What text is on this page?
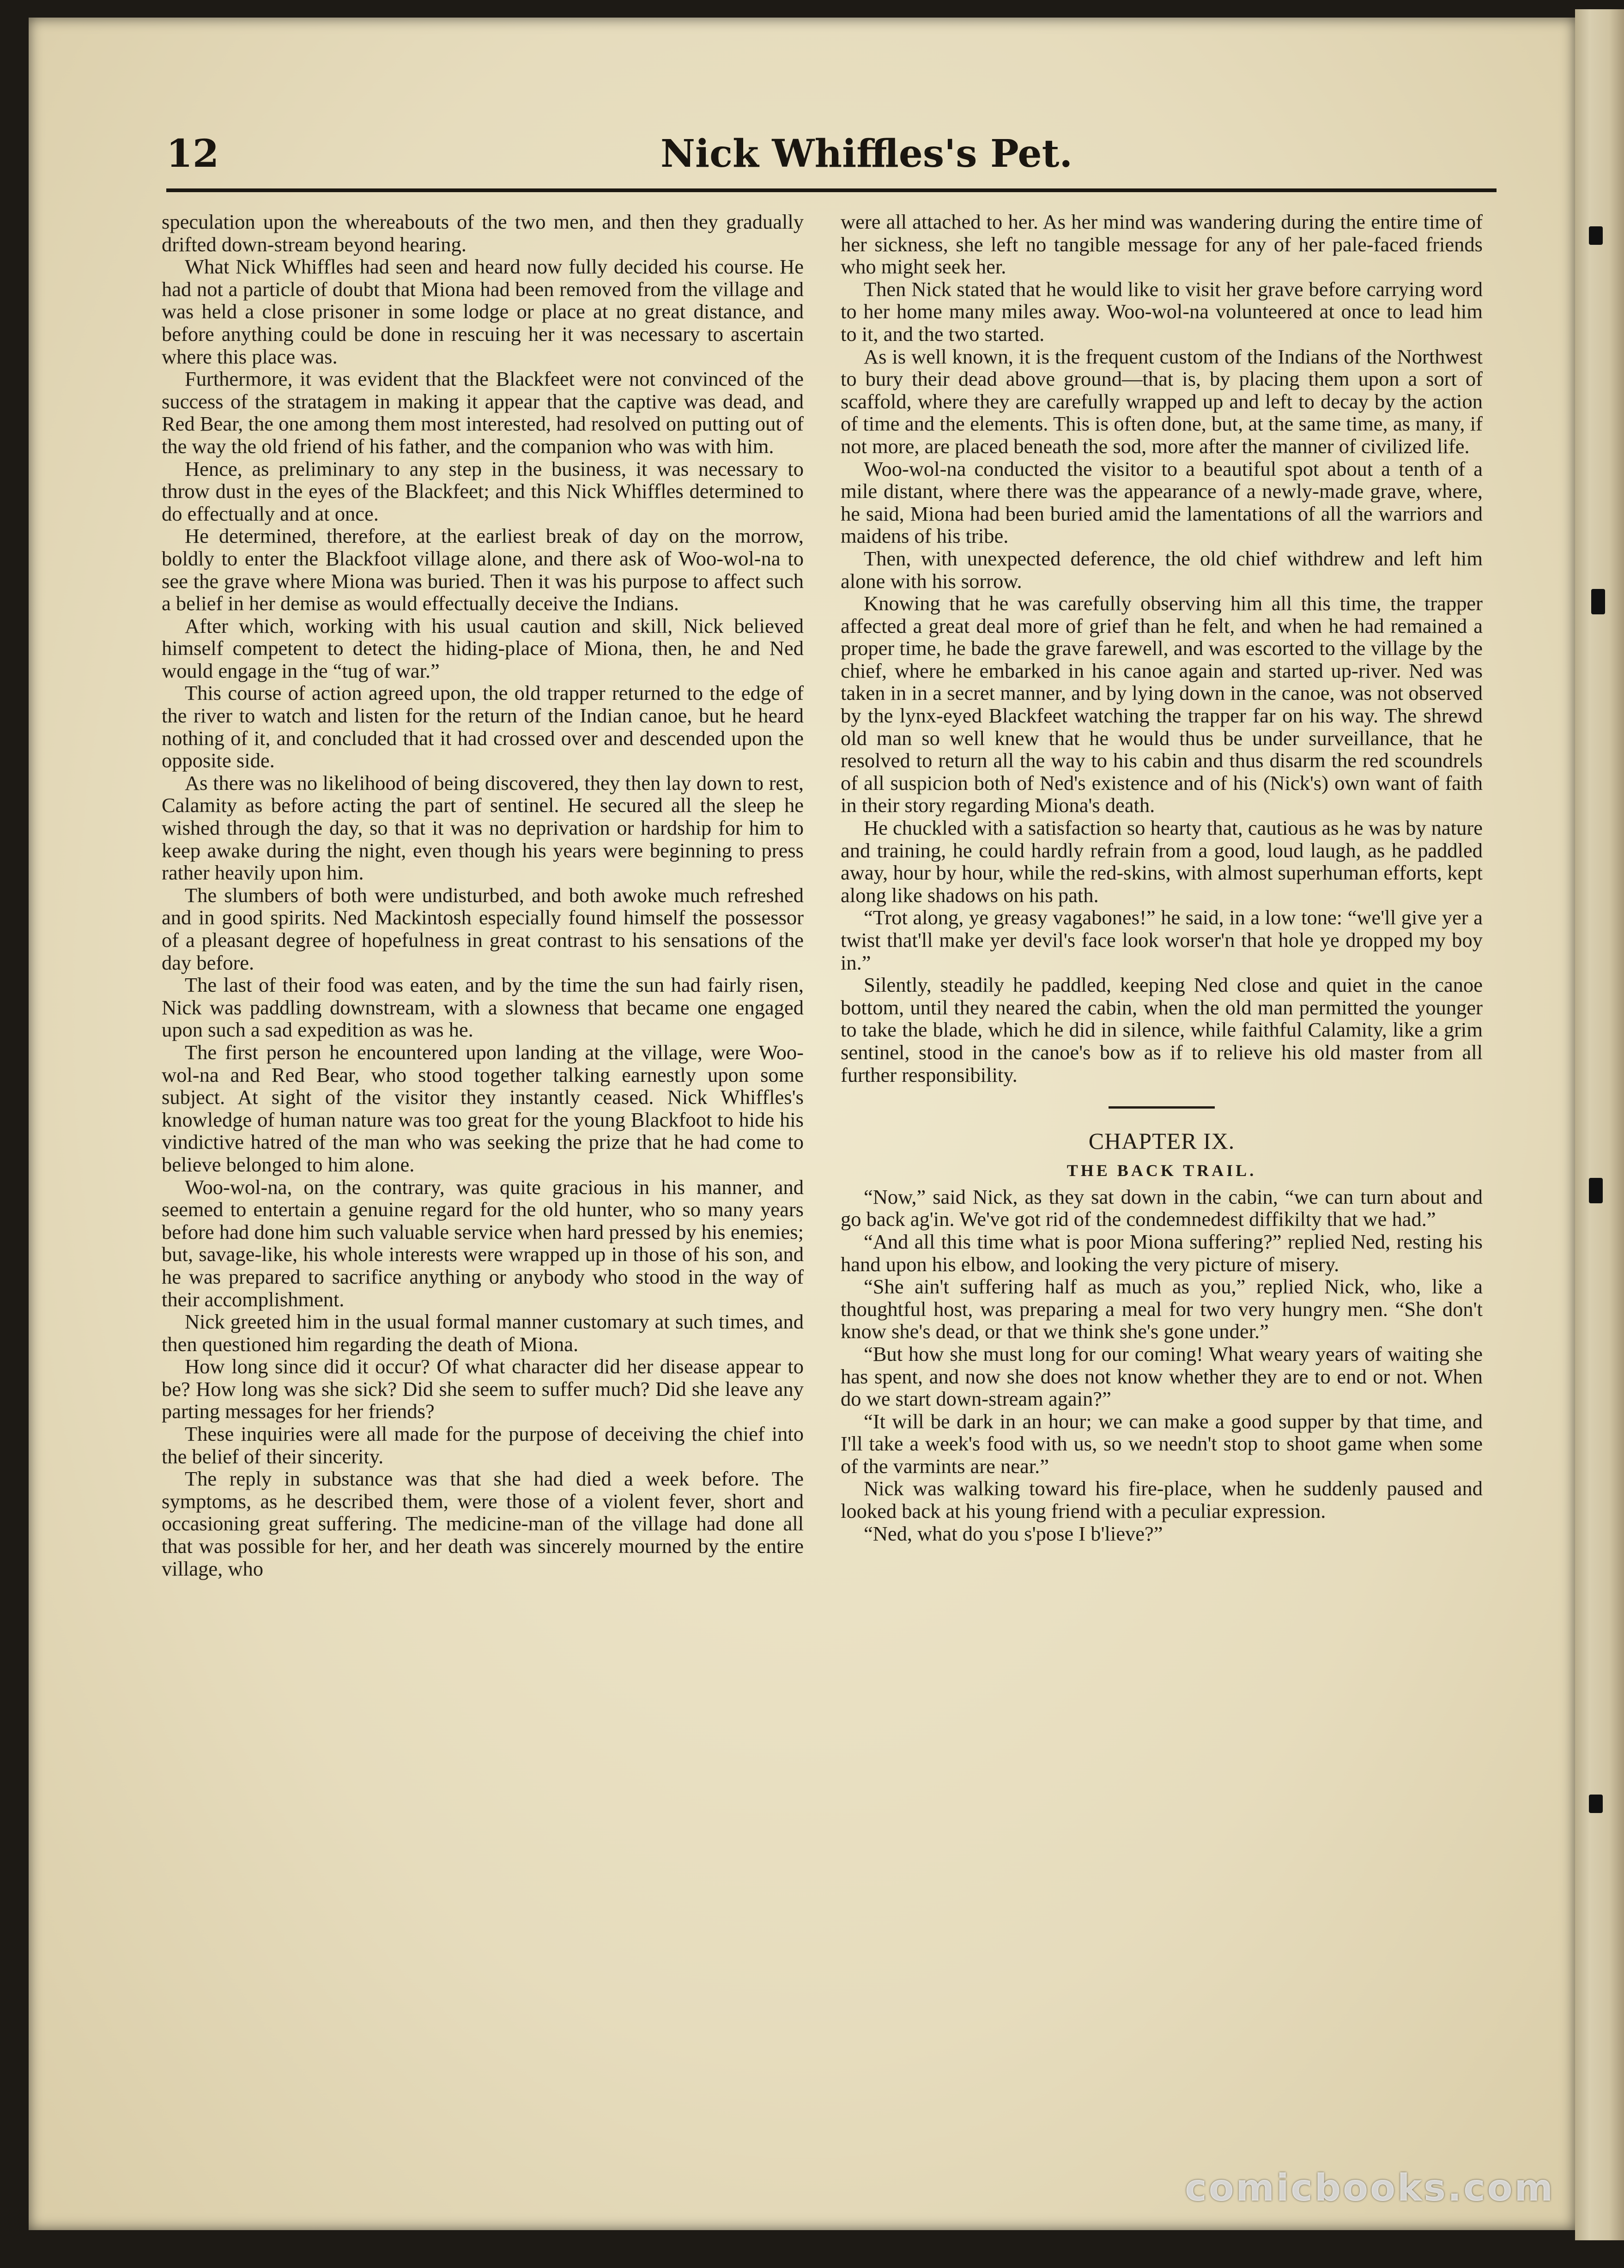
12	Nick Whiffles's Pet.

speculation upon the whereabouts of the two men, and then they gradually drifted down-stream beyond hearing.

What Nick Whiffles had seen and heard now fully decided his course. He had not a particle of doubt that Miona had been removed from the village and was held a close prisoner in some lodge or place at no great distance, and before anything could be done in rescuing her it was necessary to ascertain where this place was.

Furthermore, it was evident that the Blackfeet were not convinced of the success of the stratagem in making it appear that the captive was dead, and Red Bear, the one among them most interested, had resolved on putting out of the way the old friend of his father, and the companion who was with him.

Hence, as preliminary to any step in the business, it was necessary to throw dust in the eyes of the Blackfeet; and this Nick Whiffles determined to do effectually and at once.

He determined, therefore, at the earliest break of day on the morrow, boldly to enter the Blackfoot village alone, and there ask of Woo-wol-na to see the grave where Miona was buried. Then it was his purpose to affect such a belief in her demise as would effectually deceive the Indians.

After which, working with his usual caution and skill, Nick believed himself competent to detect the hiding-place of Miona, then, he and Ned would engage in the “tug of war.”

This course of action agreed upon, the old trapper returned to the edge of the river to watch and listen for the return of the Indian canoe, but he heard nothing of it, and concluded that it had crossed over and descended upon the opposite side.

As there was no likelihood of being discovered, they then lay down to rest, Calamity as before acting the part of sentinel. He secured all the sleep he wished through the day, so that it was no deprivation or hardship for him to keep awake during the night, even though his years were beginning to press rather heavily upon him.

The slumbers of both were undisturbed, and both awoke much refreshed and in good spirits. Ned Mackintosh especially found himself the possessor of a pleasant degree of hopefulness in great contrast to his sensations of the day before.

The last of their food was eaten, and by the time the sun had fairly risen, Nick was paddling downstream, with a slowness that became one engaged upon such a sad expedition as was he.

The first person he encountered upon landing at the village, were Woo-wol-na and Red Bear, who stood together talking earnestly upon some subject. At sight of the visitor they instantly ceased. Nick Whiffles's knowledge of human nature was too great for the young Blackfoot to hide his vindictive hatred of the man who was seeking the prize that he had come to believe belonged to him alone.

Woo-wol-na, on the contrary, was quite gracious in his manner, and seemed to entertain a genuine regard for the old hunter, who so many years before had done him such valuable service when hard pressed by his enemies; but, savage-like, his whole interests were wrapped up in those of his son, and he was prepared to sacrifice anything or anybody who stood in the way of their accomplishment.

Nick greeted him in the usual formal manner customary at such times, and then questioned him regarding the death of Miona.

How long since did it occur? Of what character did her disease appear to be? How long was she sick? Did she seem to suffer much? Did she leave any parting messages for her friends?

These inquiries were all made for the purpose of deceiving the chief into the belief of their sincerity.

The reply in substance was that she had died a week before. The symptoms, as he described them, were those of a violent fever, short and occasioning great suffering. The medicine-man of the village had done all that was possible for her, and her death was sincerely mourned by the entire village, who

were all attached to her. As her mind was wandering during the entire time of her sickness, she left no tangible message for any of her pale-faced friends who might seek her.

Then Nick stated that he would like to visit her grave before carrying word to her home many miles away. Woo-wol-na volunteered at once to lead him to it, and the two started.

As is well known, it is the frequent custom of the Indians of the Northwest to bury their dead above ground—that is, by placing them upon a sort of scaffold, where they are carefully wrapped up and left to decay by the action of time and the elements. This is often done, but, at the same time, as many, if not more, are placed beneath the sod, more after the manner of civilized life.

Woo-wol-na conducted the visitor to a beautiful spot about a tenth of a mile distant, where there was the appearance of a newly-made grave, where, he said, Miona had been buried amid the lamentations of all the warriors and maidens of his tribe.

Then, with unexpected deference, the old chief withdrew and left him alone with his sorrow.

Knowing that he was carefully observing him all this time, the trapper affected a great deal more of grief than he felt, and when he had remained a proper time, he bade the grave farewell, and was escorted to the village by the chief, where he embarked in his canoe again and started up-river. Ned was taken in in a secret manner, and by lying down in the canoe, was not observed by the lynx-eyed Blackfeet watching the trapper far on his way. The shrewd old man so well knew that he would thus be under surveillance, that he resolved to return all the way to his cabin and thus disarm the red scoundrels of all suspicion both of Ned's existence and of his (Nick's) own want of faith in their story regarding Miona's death.

He chuckled with a satisfaction so hearty that, cautious as he was by nature and training, he could hardly refrain from a good, loud laugh, as he paddled away, hour by hour, while the red-skins, with almost superhuman efforts, kept along like shadows on his path.

“Trot along, ye greasy vagabones!” he said, in a low tone: “we'll give yer a twist that'll make yer devil's face look worser'n that hole ye dropped my boy in.”

Silently, steadily he paddled, keeping Ned close and quiet in the canoe bottom, until they neared the cabin, when the old man permitted the younger to take the blade, which he did in silence, while faithful Calamity, like a grim sentinel, stood in the canoe's bow as if to relieve his old master from all further responsibility.

CHAPTER IX.
THE BACK TRAIL.

“Now,” said Nick, as they sat down in the cabin, “we can turn about and go back ag'in. We've got rid of the condemnedest diffikilty that we had.”

“And all this time what is poor Miona suffering?” replied Ned, resting his hand upon his elbow, and looking the very picture of misery.

“She ain't suffering half as much as you,” replied Nick, who, like a thoughtful host, was preparing a meal for two very hungry men. “She don't know she's dead, or that we think she's gone under.”

“But how she must long for our coming! What weary years of waiting she has spent, and now she does not know whether they are to end or not. When do we start down-stream again?”

“It will be dark in an hour; we can make a good supper by that time, and I'll take a week's food with us, so we needn't stop to shoot game when some of the varmints are near.”

Nick was walking toward his fire-place, when he suddenly paused and looked back at his young friend with a peculiar expression.

“Ned, what do you s'pose I b'lieve?”

comicbooks.com
